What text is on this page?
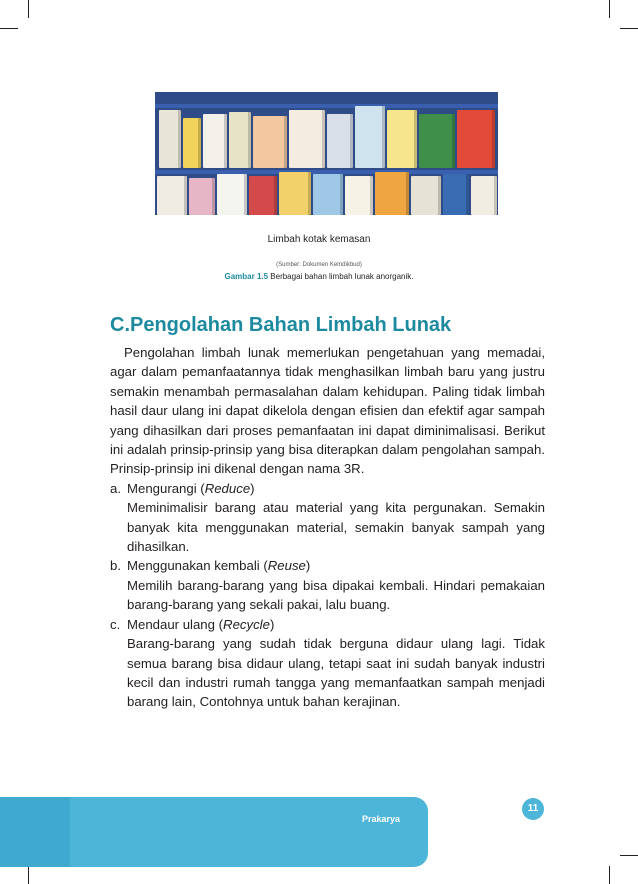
Limbah kotak kemasan
(Sumber: Dokumen Kemdikbud)
Gambar 1.5 Berbagai bahan limbah lunak anorganik.
C.Pengolahan Bahan Limbah Lunak

Pengolahan limbah lunak memerlukan pengetahuan yang memadai, agar dalam pemanfaatannya tidak menghasilkan limbah baru yang justru semakin menambah permasalahan dalam kehidupan. Paling tidak limbah hasil daur ulang ini dapat dikelola dengan efisien dan efektif agar sampah yang dihasilkan dari proses pemanfaatan ini dapat diminimalisasi. Berikut ini adalah prinsip-prinsip yang bisa diterapkan dalam pengolahan sampah. Prinsip-prinsip ini dikenal dengan nama 3R.

a. Mengurangi (Reduce)

Meminimalisir barang atau material yang kita pergunakan. Semakin banyak kita menggunakan material, semakin banyak sampah yang dihasilkan.

b. Menggunakan kembali (Reuse)

Memilih barang-barang yang bisa dipakai kembali. Hindari pemakaian barang-barang yang sekali pakai, lalu buang.

c. Mendaur ulang (Recycle)

Barang-barang yang sudah tidak berguna didaur ulang lagi. Tidak semua barang bisa didaur ulang, tetapi saat ini sudah banyak industri kecil dan industri rumah tangga yang memanfaatkan sampah menjadi barang lain, Contohnya untuk bahan kerajinan.

Prakarya
11
